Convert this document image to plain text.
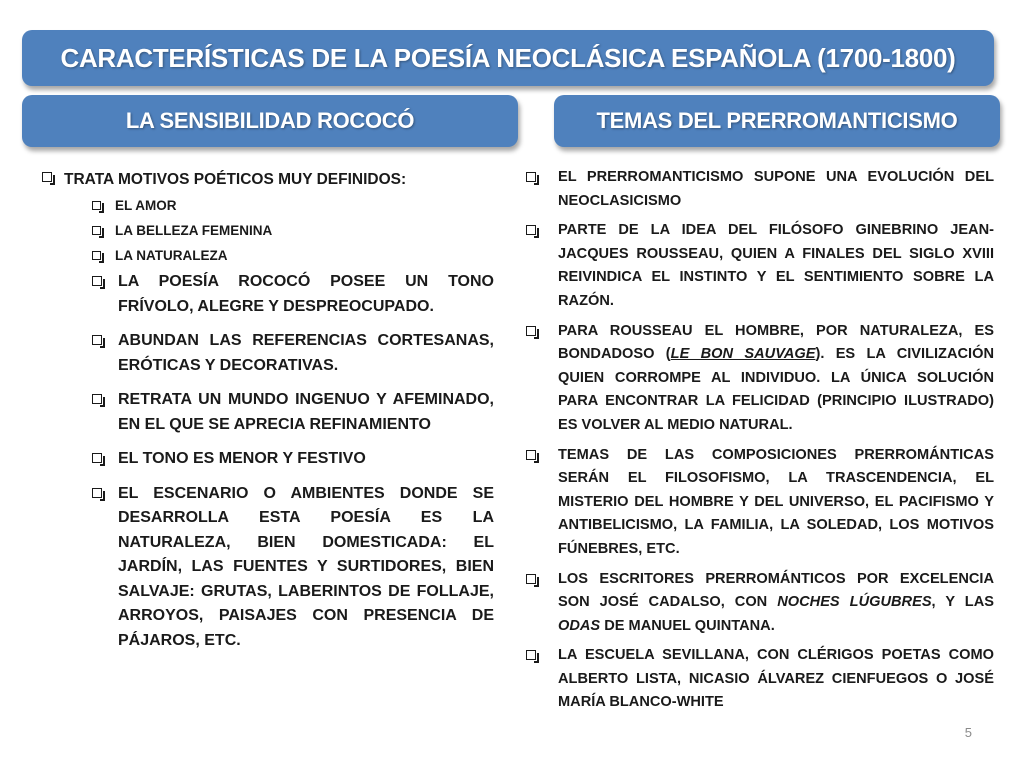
CARACTERÍSTICAS DE LA POESÍA NEOCLÁSICA ESPAÑOLA (1700-1800)
LA SENSIBILIDAD ROCOCÓ	TEMAS DEL PRERROMANTICISMO
TRATA MOTIVOS POÉTICOS MUY DEFINIDOS:
EL AMOR
LA BELLEZA FEMENINA
LA NATURALEZA
LA POESÍA ROCOCÓ POSEE UN TONO FRÍVOLO, ALEGRE Y DESPREOCUPADO.
ABUNDAN LAS REFERENCIAS CORTESANAS, ERÓTICAS Y DECORATIVAS.
RETRATA UN MUNDO INGENUO Y AFEMINADO, EN EL QUE SE APRECIA REFINAMIENTO
EL TONO ES MENOR Y FESTIVO
EL ESCENARIO O AMBIENTES DONDE SE DESARROLLA ESTA POESÍA ES LA NATURALEZA, BIEN DOMESTICADA: EL JARDÍN, LAS FUENTES Y SURTIDORES, BIEN SALVAJE: GRUTAS, LABERINTOS DE FOLLAJE, ARROYOS, PAISAJES CON PRESENCIA DE PÁJAROS, ETC.
EL PRERROMANTICISMO SUPONE UNA EVOLUCIÓN DEL NEOCLASICISMO
PARTE DE LA IDEA DEL FILÓSOFO GINEBRINO JEAN-JACQUES ROUSSEAU, QUIEN A FINALES DEL SIGLO XVIII REIVINDICA EL INSTINTO Y EL SENTIMIENTO SOBRE LA RAZÓN.
PARA ROUSSEAU EL HOMBRE, POR NATURALEZA, ES BONDADOSO (LE BON SAUVAGE). ES LA CIVILIZACIÓN QUIEN CORROMPE AL INDIVIDUO. LA ÚNICA SOLUCIÓN PARA ENCONTRAR LA FELICIDAD (PRINCIPIO ILUSTRADO) ES VOLVER AL MEDIO NATURAL.
TEMAS DE LAS COMPOSICIONES PRERROMÁNTICAS SERÁN EL FILOSOFISMO, LA TRASCENDENCIA, EL MISTERIO DEL HOMBRE Y DEL UNIVERSO, EL PACIFISMO Y ANTIBELICISMO, LA FAMILIA, LA SOLEDAD, LOS MOTIVOS FÚNEBRES, ETC.
LOS ESCRITORES PRERROMÁNTICOS POR EXCELENCIA SON JOSÉ CADALSO, CON NOCHES LÚGUBRES, Y LAS ODAS DE MANUEL QUINTANA.
LA ESCUELA SEVILLANA, CON CLÉRIGOS POETAS COMO ALBERTO LISTA, NICASIO ÁLVAREZ CIENFUEGOS O JOSÉ MARÍA BLANCO-WHITE
5
